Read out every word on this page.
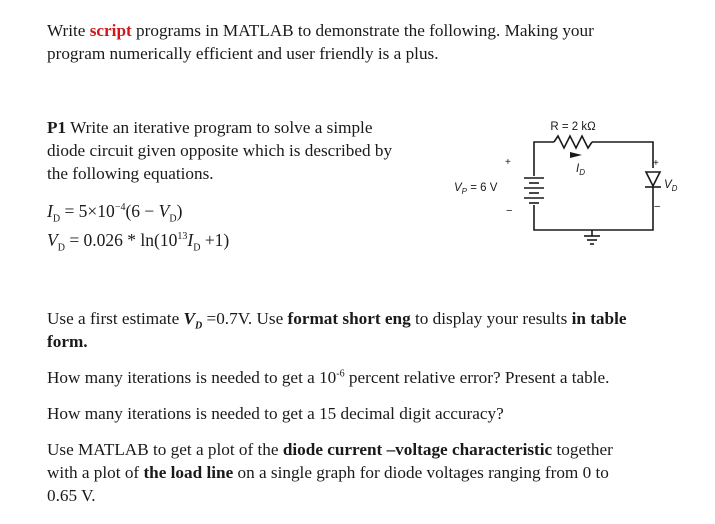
Write script programs in MATLAB to demonstrate the following. Making your
program numerically efficient and user friendly is a plus.
P1 Write an iterative program to solve a simple
diode circuit given opposite which is described by
the following equations.
$I_D = 5\times 10^{-4}(6 - V_D)$
$V_D = 0.026 * \ln(10^{13}I_D +1)$
R = 2 kΩ
$I_D$
$V_P = 6$ V
+
−
+
−
$V_D$
Use a first estimate $V_D =0.7V$. Use format short eng to display your results in table
form.
How many iterations is needed to get a $10^{-6}$ percent relative error? Present a table.
How many iterations is needed to get a 15 decimal digit accuracy?
Use MATLAB to get a plot of the diode current –voltage characteristic together
with a plot of the load line on a single graph for diode voltages ranging from 0 to
0.65 V.
